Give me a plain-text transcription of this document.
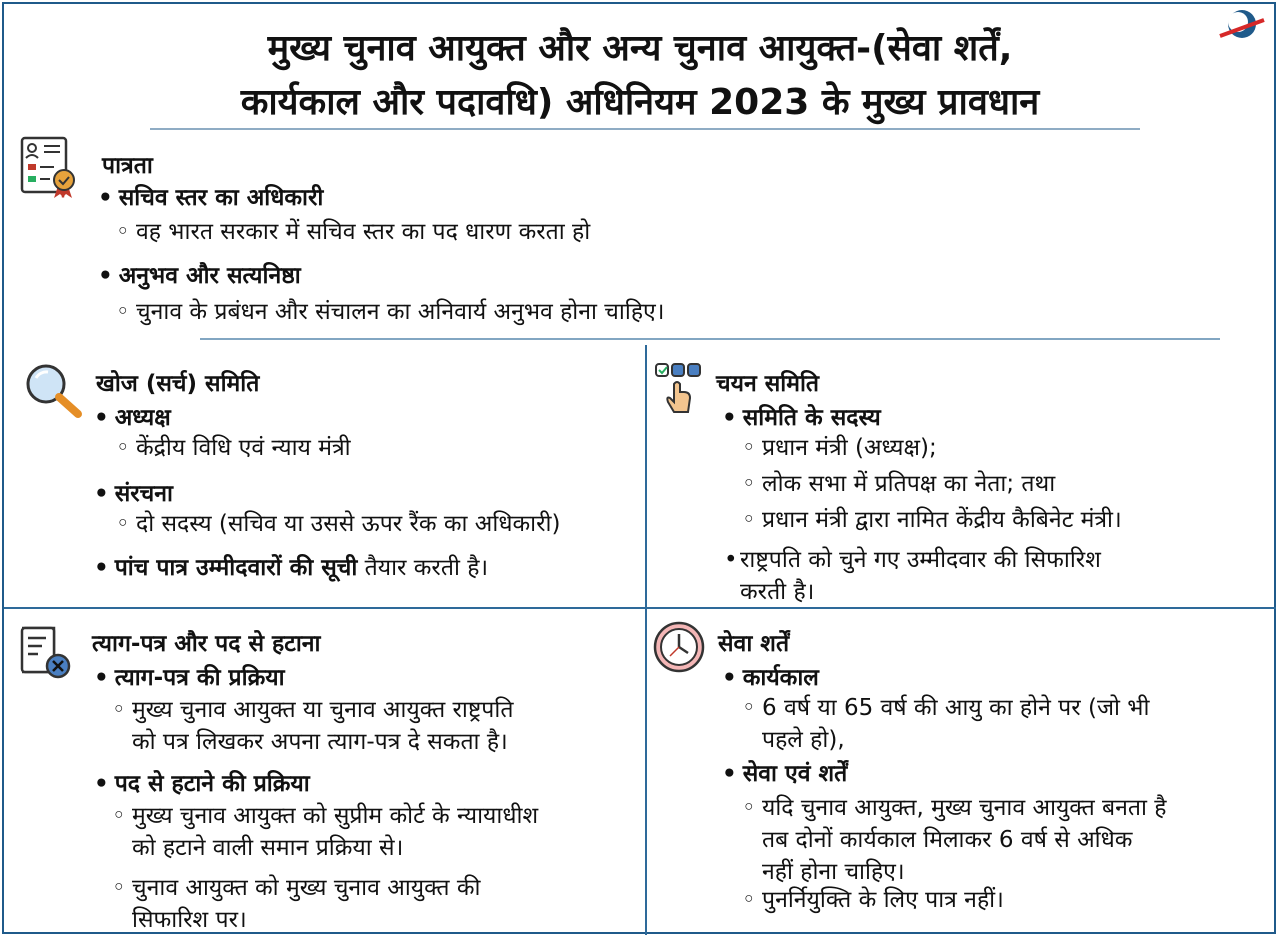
मुख्य चुनाव आयुक्त और अन्य चुनाव आयुक्त-(सेवा शर्तें,
कार्यकाल और पदावधि) अधिनियम 2023 के मुख्य प्रावधान
पात्रता
• सचिव स्तर का अधिकारी
◦ वह भारत सरकार में सचिव स्तर का पद धारण करता हो
• अनुभव और सत्यनिष्ठा
◦ चुनाव के प्रबंधन और संचालन का अनिवार्य अनुभव होना चाहिए।
खोज (सर्च) समिति
• अध्यक्ष
◦ केंद्रीय विधि एवं न्याय मंत्री
• संरचना
◦ दो सदस्य (सचिव या उससे ऊपर रैंक का अधिकारी)
• पांच पात्र उम्मीदवारों की सूची तैयार करती है।
चयन समिति
• समिति के सदस्य
◦ प्रधान मंत्री (अध्यक्ष);
◦ लोक सभा में प्रतिपक्ष का नेता; तथा
◦ प्रधान मंत्री द्वारा नामित केंद्रीय कैबिनेट मंत्री।
• राष्ट्रपति को चुने गए उम्मीदवार की सिफारिश
करती है।
त्याग-पत्र और पद से हटाना
• त्याग-पत्र की प्रक्रिया
◦ मुख्य चुनाव आयुक्त या चुनाव आयुक्त राष्ट्रपति
को पत्र लिखकर अपना त्याग-पत्र दे सकता है।
• पद से हटाने की प्रक्रिया
◦ मुख्य चुनाव आयुक्त को सुप्रीम कोर्ट के न्यायाधीश
को हटाने वाली समान प्रक्रिया से।
◦ चुनाव आयुक्त को मुख्य चुनाव आयुक्त की
सिफारिश पर।
सेवा शर्तें
• कार्यकाल
◦ 6 वर्ष या 65 वर्ष की आयु का होने पर (जो भी
पहले हो),
• सेवा एवं शर्तें
◦ यदि चुनाव आयुक्त, मुख्य चुनाव आयुक्त बनता है
तब दोनों कार्यकाल मिलाकर 6 वर्ष से अधिक
नहीं होना चाहिए।
◦ पुनर्नियुक्ति के लिए पात्र नहीं।
